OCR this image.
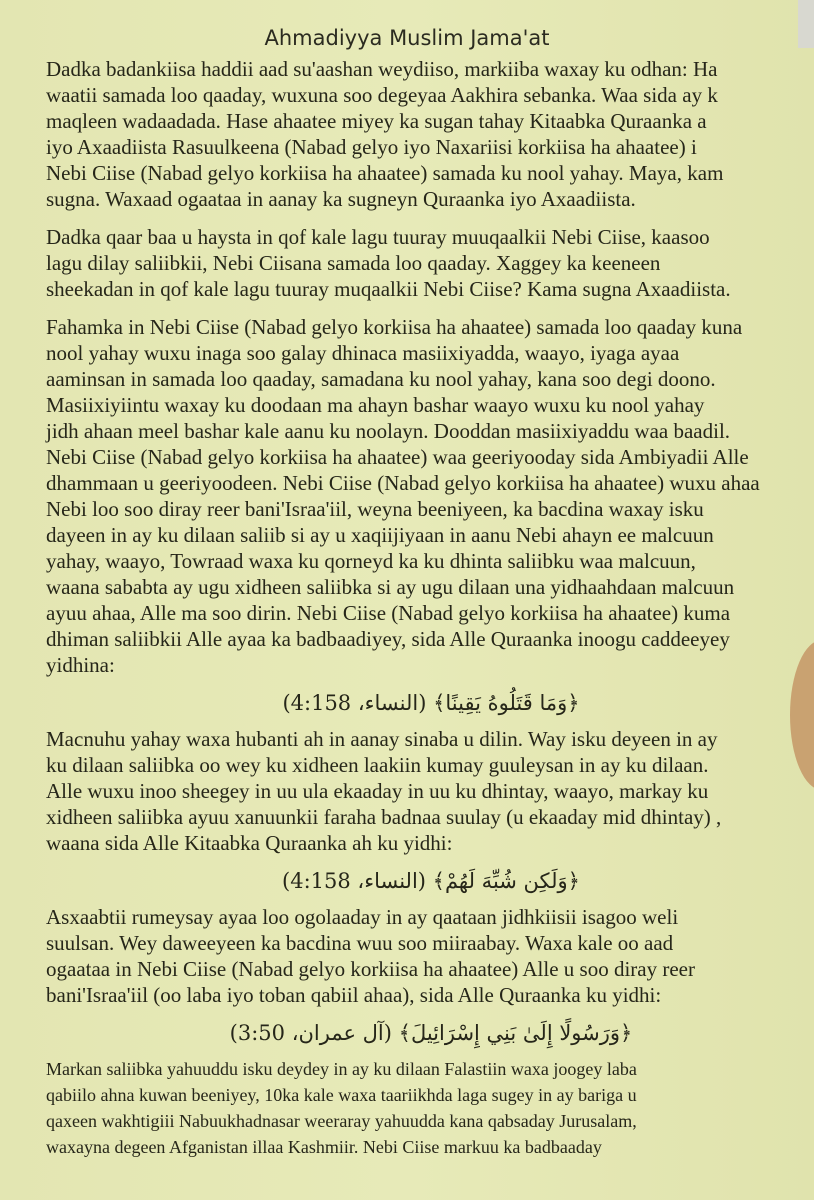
Ahmadiyya Muslim Jama'at

Dadka badankiisa haddii aad su'aashan weydiiso, markiiba waxay ku odhan: Ha
waatii samada loo qaaday, wuxuna soo degeyaa Aakhira sebanka. Waa sida ay k
maqleen wadaadada. Hase ahaatee miyey ka sugan tahay Kitaabka Quraanka a
iyo Axaadiista Rasuulkeena (Nabad gelyo iyo Naxariisi korkiisa ha ahaatee) i
Nebi Ciise (Nabad gelyo korkiisa ha ahaatee) samada ku nool yahay. Maya, kam
sugna. Waxaad ogaataa in aanay ka sugneyn Quraanka iyo Axaadiista.

Dadka qaar baa u haysta in qof kale lagu tuuray muuqaalkii Nebi Ciise, kaasoo
lagu dilay saliibkii, Nebi Ciisana samada loo qaaday. Xaggey ka keeneen
sheekadan in qof kale lagu tuuray muqaalkii Nebi Ciise? Kama sugna Axaadiista.

Fahamka in Nebi Ciise (Nabad gelyo korkiisa ha ahaatee) samada loo qaaday kuna
nool yahay wuxu inaga soo galay dhinaca masiixiyadda, waayo, iyaga ayaa
aaminsan in samada loo qaaday, samadana ku nool yahay, kana soo degi doono.
Masiixiyiintu waxay ku doodaan ma ahayn bashar waayo wuxu ku nool yahay
jidh ahaan meel bashar kale aanu ku noolayn. Dooddan masiixiyaddu waa baadil.
Nebi Ciise (Nabad gelyo korkiisa ha ahaatee) waa geeriyooday sida Ambiyadii Alle
dhammaan u geeriyoodeen. Nebi Ciise (Nabad gelyo korkiisa ha ahaatee) wuxu ahaa
Nebi loo soo diray reer bani'Israa'iil, weyna beeniyeen, ka bacdina waxay isku
dayeen in ay ku dilaan saliib si ay u xaqiijiyaan in aanu Nebi ahayn ee malcuun
yahay, waayo, Towraad waxa ku qorneyd ka ku dhinta saliibku waa malcuun,
waana sababta ay ugu xidheen saliibka si ay ugu dilaan una yidhaahdaan malcuun
ayuu ahaa, Alle ma soo dirin. Nebi Ciise (Nabad gelyo korkiisa ha ahaatee) kuma
dhiman saliibkii Alle ayaa ka badbaadiyey, sida Alle Quraanka inoogu caddeeyey
yidhina:

﴿وَمَا قَتَلُوهُ يَقِينًا﴾ (النساء، 4:158)

Macnuhu yahay waxa hubanti ah in aanay sinaba u dilin. Way isku deyeen in ay
ku dilaan saliibka oo wey ku xidheen laakiin kumay guuleysan in ay ku dilaan.
Alle wuxu inoo sheegey in uu ula ekaaday in uu ku dhintay, waayo, markay ku
xidheen saliibka ayuu xanuunkii faraha badnaa suulay (u ekaaday mid dhintay) ,
waana sida Alle Kitaabka Quraanka ah ku yidhi:

﴿وَلَكِن شُبِّهَ لَهُمْ﴾ (النساء، 4:158)

Asxaabtii rumeysay ayaa loo ogolaaday in ay qaataan jidhkiisii isagoo weli
suulsan. Wey daweeyeen ka bacdina wuu soo miiraabay. Waxa kale oo aad
ogaataa in Nebi Ciise (Nabad gelyo korkiisa ha ahaatee) Alle u soo diray reer
bani'Israa'iil (oo laba iyo toban qabiil ahaa), sida Alle Quraanka ku yidhi:

﴿وَرَسُولًا إِلَىٰ بَنِي إِسْرَائِيلَ﴾ (آل عمران، 3:50)

Markan saliibka yahuuddu isku deydey in ay ku dilaan Falastiin waxa joogey laba
qabiilo ahna kuwan beeniyey, 10ka kale waxa taariikhda laga sugey in ay bariga u
qaxeen wakhtigiii Nabuukhadnasar weeraray yahuudda kana qabsaday Jurusalam,
waxayna degeen Afganistan illaa Kashmiir. Nebi Ciise markuu ka badbaaday
